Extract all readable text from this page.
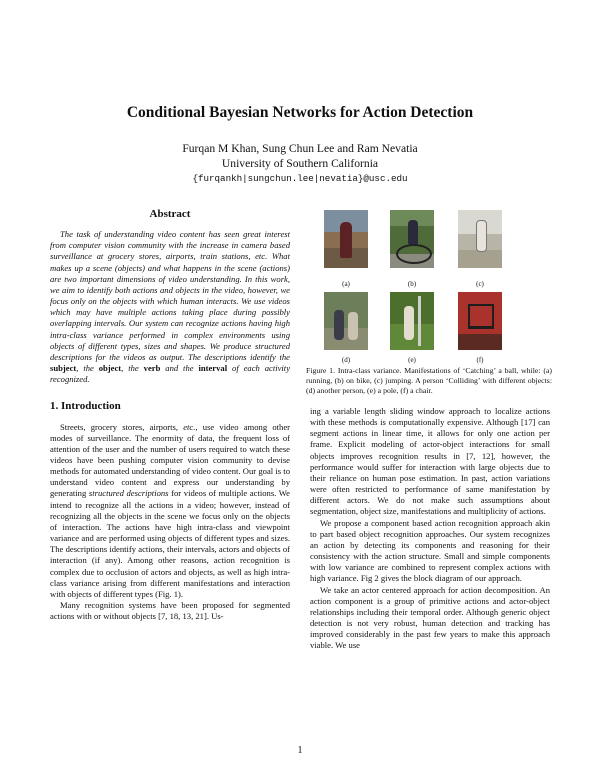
Conditional Bayesian Networks for Action Detection
Furqan M Khan, Sung Chun Lee and Ram Nevatia
University of Southern California
{furqankh|sungchun.lee|nevatia}@usc.edu
Abstract

The task of understanding video content has seen great interest from computer vision community with the increase in camera based surveillance at grocery stores, airports, train stations, etc. What makes up a scene (objects) and what happens in the scene (actions) are two important dimensions of video understanding. In this work, we aim to identify both actions and objects in the video, however, we focus only on the objects with which human interacts. We use videos which may have multiple actions taking place during possibly overlapping intervals. Our system can recognize actions having high intra-class variance performed in complex environments using objects of different types, sizes and shapes. We produce structured descriptions for the videos as output. The descriptions identify the subject, the object, the verb and the interval of each activity recognized.

1. Introduction

Streets, grocery stores, airports, etc., use video among other modes of surveillance. The enormity of data, the frequent loss of attention of the user and the number of users required to watch these videos have been pushing computer vision community to devise methods for automated understanding of video content. Our goal is to understand video content and express our understanding by generating structured descriptions for videos of multiple actions. We intend to recognize all the actions in a video; however, instead of recognizing all the objects in the scene we focus only on the objects of interaction. The actions have high intra-class and viewpoint variance and are performed using objects of different types and sizes. The descriptions identify actions, their intervals, actors and objects of interaction (if any). Among other reasons, action recognition is complex due to occlusion of actors and objects, as well as high intra-class variance arising from different manifestations and interaction with objects of different types (Fig. 1).

Many recognition systems have been proposed for segmented actions with or without objects [7, 18, 13, 21]. Us-

(a)	(b)	(c)
(d)	(e)	(f)
Figure 1. Intra-class variance. Manifestations of ‘Catching’ a ball, while: (a) running, (b) on bike, (c) jumping. A person ‘Colliding’ with different objects: (d) another person, (e) a pole, (f) a chair.

ing a variable length sliding window approach to localize actions with these methods is computationally expensive. Although [17] can segment actions in linear time, it allows for only one action per frame. Explicit modeling of actor-object interactions for small objects improves recognition results in [7, 12], however, the performance would suffer for interaction with large objects due to their reliance on human pose estimation. In past, action variations were often restricted to performance of same manifestation by different actors. We do not make such assumptions about segmentation, object size, manifestations and multiplicity of actions.

We propose a component based action recognition approach akin to part based object recognition approaches. Our system recognizes an action by detecting its components and reasoning for their consistency with the action structure. Small and simple components with low variance are combined to represent complex actions with high variance. Fig 2 gives the block diagram of our approach.

We take an actor centered approach for action decomposition. An action component is a group of primitive actions and actor-object relationships including their temporal order. Although generic object detection is not very robust, human detection and tracking has improved considerably in the past few years to make this approach viable. We use

1
